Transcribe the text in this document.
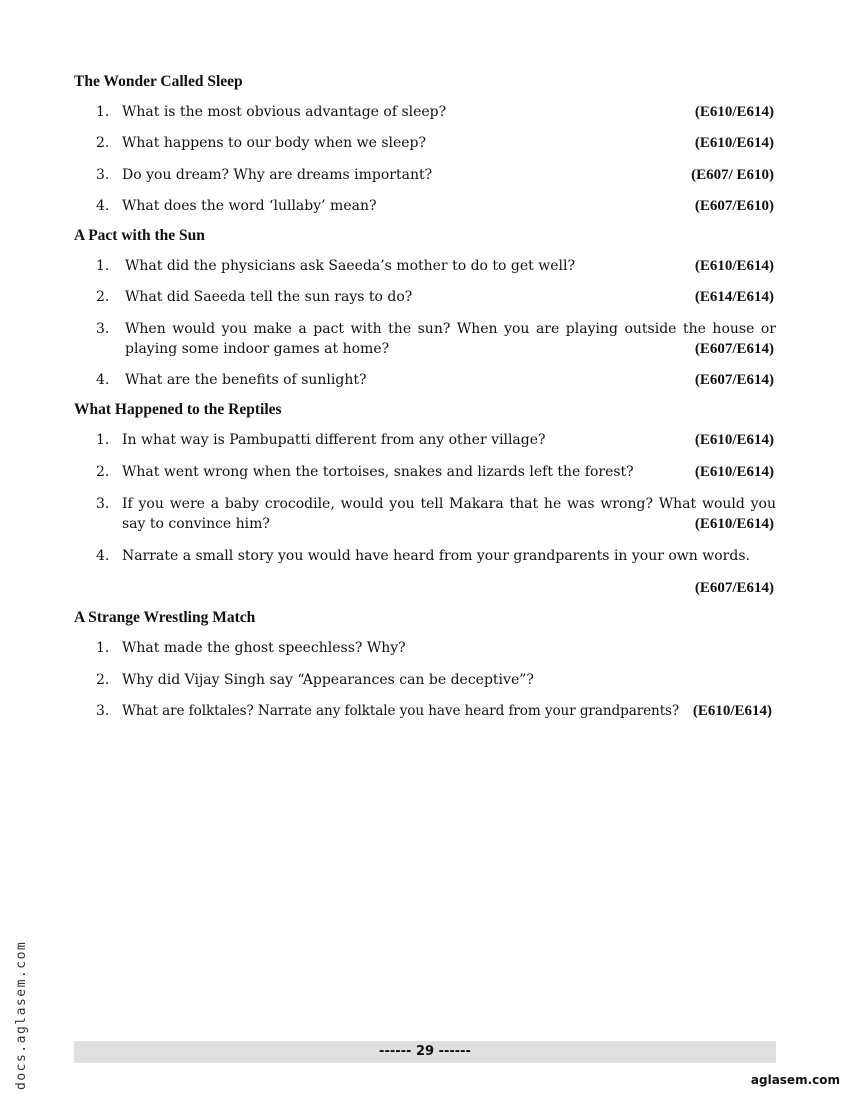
The Wonder Called Sleep
1. What is the most obvious advantage of sleep?	(E610/E614)
2. What happens to our body when we sleep?	(E610/E614)
3. Do you dream? Why are dreams important?	(E607/ E610)
4. What does the word ‘lullaby’ mean?	(E607/E610)
A Pact with the Sun
1. What did the physicians ask Saeeda’s mother to do to get well?	(E610/E614)
2. What did Saeeda tell the sun rays to do?	(E614/E614)
3. When would you make a pact with the sun? When you are playing outside the house or playing some indoor games at home?	(E607/E614)
4. What are the benefits of sunlight?	(E607/E614)
What Happened to the Reptiles
1. In what way is Pambupatti different from any other village?	(E610/E614)
2. What went wrong when the tortoises, snakes and lizards left the forest?	(E610/E614)
3. If you were a baby crocodile, would you tell Makara that he was wrong? What would you say to convince him?	(E610/E614)
4. Narrate a small story you would have heard from your grandparents in your own words.
(E607/E614)
A Strange Wrestling Match
1. What made the ghost speechless? Why?
2. Why did Vijay Singh say “Appearances can be deceptive”?
3. What are folktales? Narrate any folktale you have heard from your grandparents? (E610/E614)
docs.aglasem.com	------ 29 ------
aglasem.com
